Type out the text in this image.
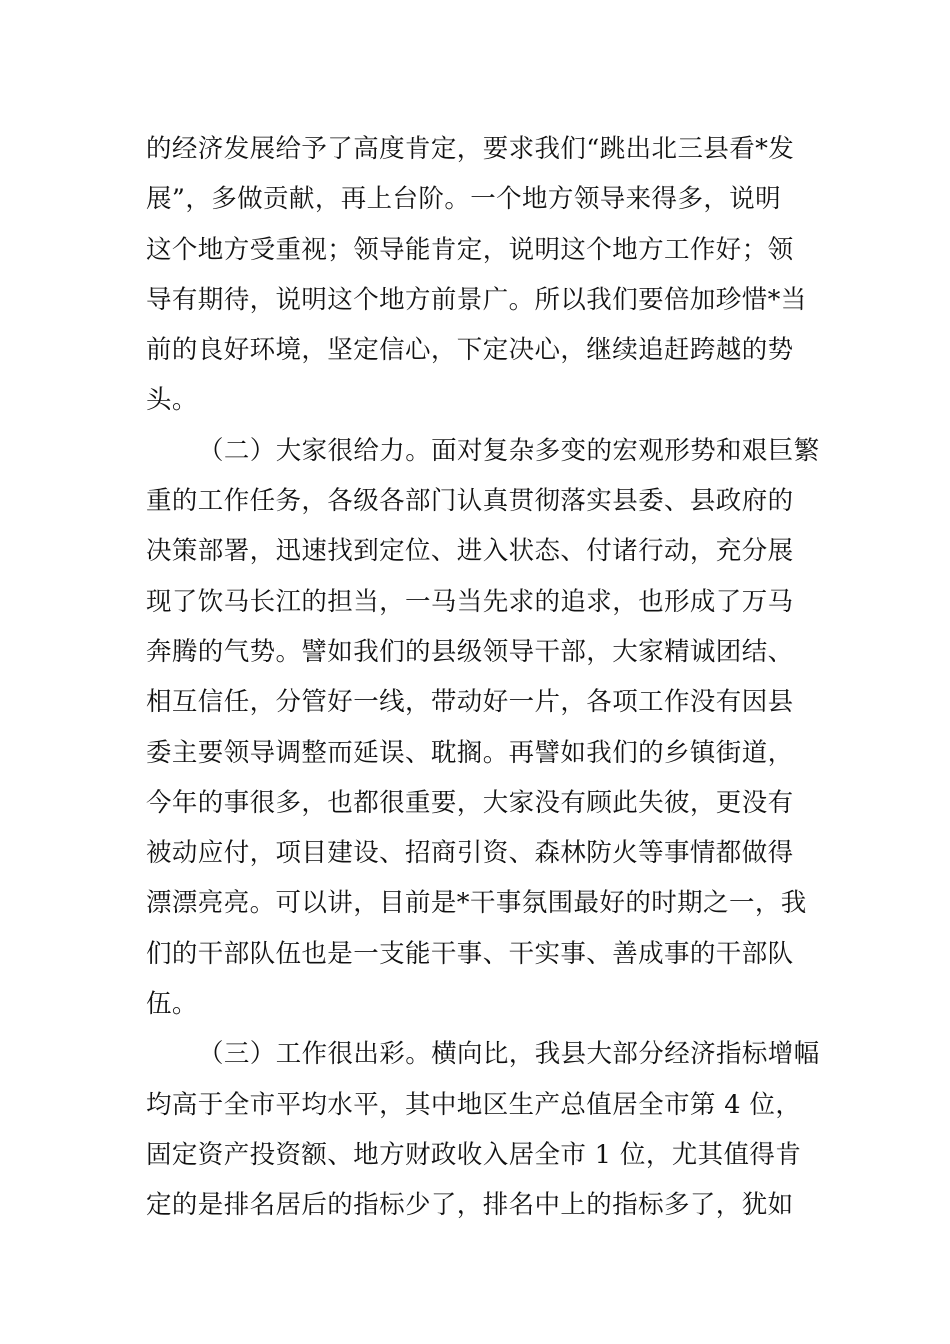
的经济发展给予了高度肯定，要求我们“跳出北三县看*发
展”，多做贡献，再上台阶。一个地方领导来得多，说明
这个地方受重视；领导能肯定，说明这个地方工作好；领
导有期待，说明这个地方前景广。所以我们要倍加珍惜*当
前的良好环境，坚定信心，下定决心，继续追赶跨越的势
头。
（二）大家很给力。面对复杂多变的宏观形势和艰巨繁
重的工作任务，各级各部门认真贯彻落实县委、县政府的
决策部署，迅速找到定位、进入状态、付诸行动，充分展
现了饮马长江的担当，一马当先求的追求，也形成了万马
奔腾的气势。譬如我们的县级领导干部，大家精诚团结、
相互信任，分管好一线，带动好一片，各项工作没有因县
委主要领导调整而延误、耽搁。再譬如我们的乡镇街道，
今年的事很多，也都很重要，大家没有顾此失彼，更没有
被动应付，项目建设、招商引资、森林防火等事情都做得
漂漂亮亮。可以讲，目前是*干事氛围最好的时期之一，我
们的干部队伍也是一支能干事、干实事、善成事的干部队
伍。
（三）工作很出彩。横向比，我县大部分经济指标增幅
均高于全市平均水平，其中地区生产总值居全市第 4 位，
固定资产投资额、地方财政收入居全市 1 位，尤其值得肯
定的是排名居后的指标少了，排名中上的指标多了，犹如
